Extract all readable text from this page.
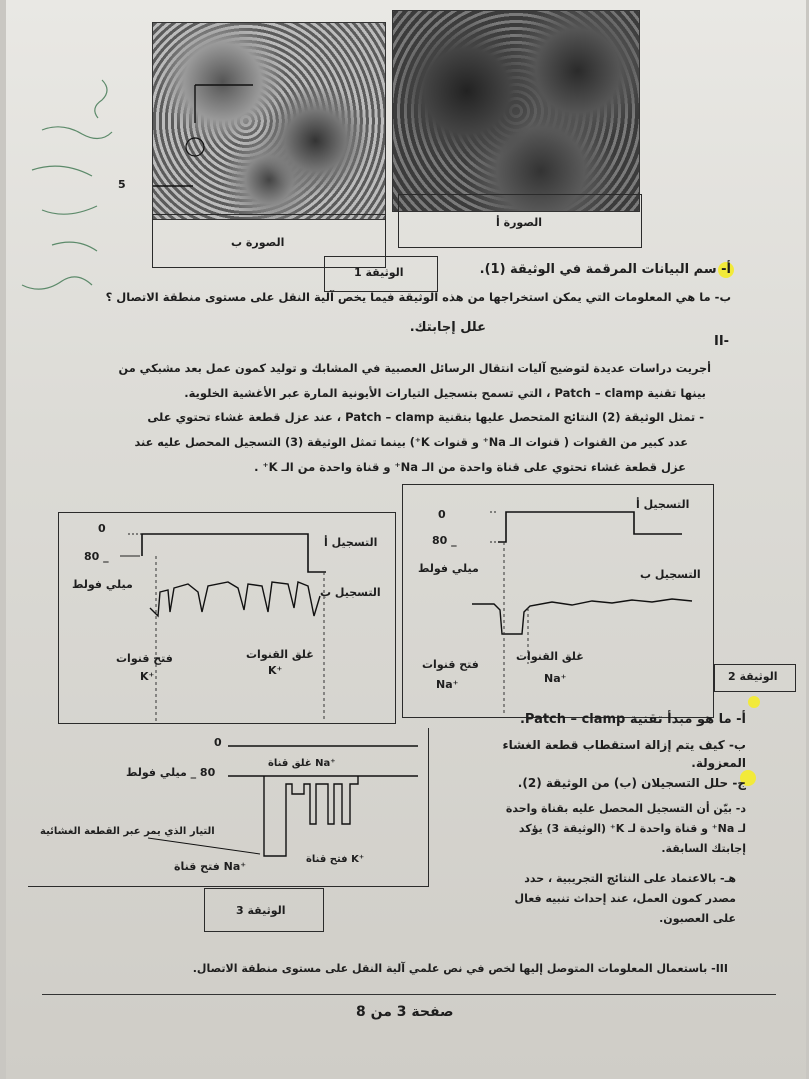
5
الصورة ب
الصورة أ
الوثيقة 1	أ- سم البيانات المرقمة في الوثيقة (1).
ب- ما هي المعلومات التي يمكن استخراجها من هذه الوثيقة فيما يخص آلية النقل على مستوى منطقة الاتصال ؟
علل إجابتك.
II-
أجريت دراسات عديدة لتوضيح آليات انتقال الرسائل العصبية في المشابك و توليد كمون عمل بعد مشبكي من
بينها تقنية Patch – clamp ، التي تسمح بتسجيل التيارات الأيونية المارة عبر الأغشية الخلوية.
- تمثل الوثيقة (2) النتائج المتحصل عليها بتقنية Patch – clamp ، عند عزل قطعة غشاء تحتوي على
عدد كبير من القنوات ( قنوات الـ Na⁺ و قنوات K⁺) بينما تمثل الوثيقة (3) التسجيل المحصل عليه عند
عزل قطعة غشاء تحتوي على قناة واحدة من الـ Na⁺ و قناة واحدة من الـ K⁺ .
الوثيقة 2
0
80 _
ميلي فولط
التسجيل أ
التسجيل ب
فتح قنوات
Na⁺
غلق القنوات
Na⁺
0
80 _
ميلي فولط
التسجيل أ
التسجيل ب
فتح قنوات
K⁺
غلق القنوات
K⁺
0
80 _ ميلي فولط
غلق قناة Na⁺
التيار الذي يمر عبر القطعة الغشائية
فتح قناة Na⁺
فتح قناة K⁺
الوثيقة 3
أ- ما هو مبدأ تقنية Patch – clamp.
ب- كيف يتم إزالة استقطاب قطعة الغشاء
المعزولة.
ج- حلل التسجيلان (ب) من الوثيقة (2).
د- بيّن أن التسجيل المحصل عليه بقناة واحدة
لـ Na⁺ و قناة واحدة لـ K⁺ (الوثيقة 3) يؤكد
إجابتك السابقة.
هـ- بالاعتماد على النتائج التجريبية ، حدد
مصدر كمون العمل، عند إحداث تنبيه فعال
على العصبون.
III- باستعمال المعلومات المتوصل إليها لخص في نص علمي آلية النقل على مستوى منطقة الاتصال.
صفحة 3 من 8
